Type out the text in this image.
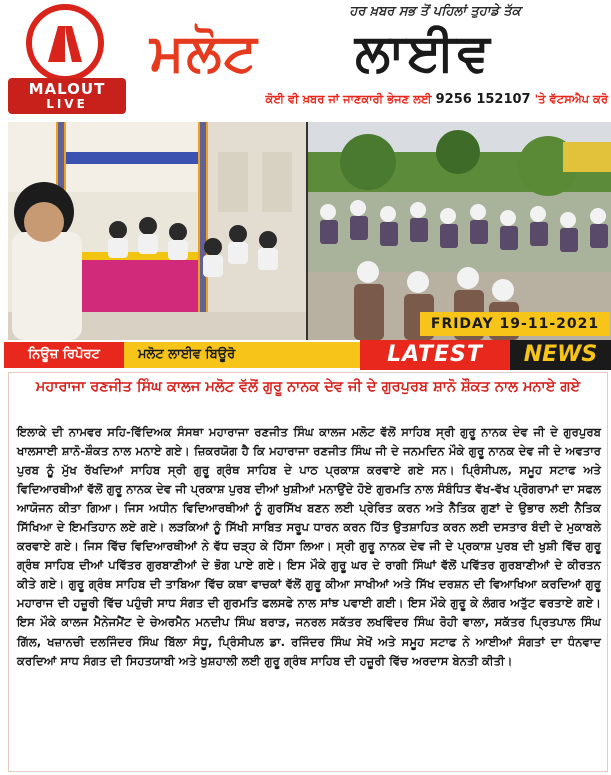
MALOUT
LIVE
ਹਰ ਖ਼ਬਰ ਸਭ ਤੋਂ ਪਹਿਲਾਂ ਤੁਹਾਡੇ ਤੱਕ
ਮਲੋਟ ਲਾਈਵ
ਕੋਈ ਵੀ ਖ਼ਬਰ ਜਾਂ ਜਾਣਕਾਰੀ ਭੇਜਣ ਲਈ 9256 152107 'ਤੇ ਵੱਟਸਐਪ ਕਰੋ
FRIDAY 19-11-2021
ਨਿਊਜ਼ ਰਿਪੋਰਟ	ਮਲੋਟ ਲਾਈਵ ਬਿਊਰੋ	LATEST	NEWS
ਮਹਾਰਾਜਾ ਰਣਜੀਤ ਸਿੰਘ ਕਾਲਜ ਮਲੋਟ ਵੱਲੋਂ ਗੁਰੂ ਨਾਨਕ ਦੇਵ ਜੀ ਦੇ ਗੁਰਪੁਰਬ ਸ਼ਾਨੋ ਸ਼ੌਕਤ ਨਾਲ ਮਨਾਏ ਗਏ
ਇਲਾਕੇ ਦੀ ਨਾਮਵਰ ਸਹਿ-ਵਿੱਦਿਅਕ ਸੰਸਥਾ ਮਹਾਰਾਜਾ ਰਣਜੀਤ ਸਿੰਘ ਕਾਲਜ ਮਲੋਟ ਵੱਲੋਂ ਸਾਹਿਬ ਸ੍ਰੀ ਗੁਰੂ ਨਾਨਕ ਦੇਵ ਜੀ ਦੇ ਗੁਰਪੁਰਬ ਖਾਲਸਾਈ ਸ਼ਾਨੋ-ਸ਼ੌਕਤ ਨਾਲ ਮਨਾਏ ਗਏ। ਜ਼ਿਕਰਯੋਗ ਹੈ ਕਿ ਮਹਾਰਾਜਾ ਰਣਜੀਤ ਸਿੰਘ ਜੀ ਦੇ ਜਨਮਦਿਨ ਮੌਕੇ ਗੁਰੂ ਨਾਨਕ ਦੇਵ ਜੀ ਦੇ ਅਵਤਾਰ ਪੁਰਬ ਨੂੰ ਮੁੱਖ ਰੱਖਦਿਆਂ ਸਾਹਿਬ ਸ੍ਰੀ ਗੁਰੂ ਗ੍ਰੰਥ ਸਾਹਿਬ ਦੇ ਪਾਠ ਪ੍ਰਕਾਸ਼ ਕਰਵਾਏ ਗਏ ਸਨ। ਪ੍ਰਿੰਸੀਪਲ, ਸਮੂਹ ਸਟਾਫ ਅਤੇ ਵਿਦਿਆਰਥੀਆਂ ਵੱਲੋਂ ਗੁਰੂ ਨਾਨਕ ਦੇਵ ਜੀ ਪ੍ਰਕਾਸ਼ ਪੁਰਬ ਦੀਆਂ ਖੁਸ਼ੀਆਂ ਮਨਾਉਂਦੇ ਹੋਏ ਗੁਰਮਤਿ ਨਾਲ ਸੰਬੰਧਿਤ ਵੱਖ-ਵੱਖ ਪ੍ਰੋਗਰਾਮਾਂ ਦਾ ਸਫਲ ਆਯੋਜਨ ਕੀਤਾ ਗਿਆ। ਜਿਸ ਅਧੀਨ ਵਿਦਿਆਰਥੀਆਂ ਨੂੰ ਗੁਰਸਿੱਖ ਬਣਨ ਲਈ ਪ੍ਰੇਰਿਤ ਕਰਨ ਅਤੇ ਨੈਤਿਕ ਗੁਣਾਂ ਦੇ ਉਭਾਰ ਲਈ ਨੈਤਿਕ ਸਿੱਖਿਆ ਦੇ ਇਮਤਿਹਾਨ ਲਏ ਗਏ। ਲੜਕਿਆਂ ਨੂੰ ਸਿੱਖੀ ਸਾਬਿਤ ਸਰੂਪ ਧਾਰਨ ਕਰਨ ਹਿੱਤ ਉਤਸ਼ਾਹਿਤ ਕਰਨ ਲਈ ਦਸਤਾਰ ਬੰਦੀ ਦੇ ਮੁਕਾਬਲੇ ਕਰਵਾਏ ਗਏ। ਜਿਸ ਵਿੱਚ ਵਿਦਿਆਰਥੀਆਂ ਨੇ ਵੱਧ ਚੜ੍ਹ ਕੇ ਹਿੱਸਾ ਲਿਆ। ਸ੍ਰੀ ਗੁਰੂ ਨਾਨਕ ਦੇਵ ਜੀ ਦੇ ਪ੍ਰਕਾਸ਼ ਪੁਰਬ ਦੀ ਖੁਸ਼ੀ ਵਿੱਚ ਗੁਰੂ ਗ੍ਰੰਥ ਸਾਹਿਬ ਦੀਆਂ ਪਵਿੱਤਰ ਗੁਰਬਾਣੀਆਂ ਦੇ ਭੋਗ ਪਾਏ ਗਏ। ਇਸ ਮੌਕੇ ਗੁਰੂ ਘਰ ਦੇ ਰਾਗੀ ਸਿੰਘਾਂ ਵੱਲੋਂ ਪਵਿੱਤਰ ਗੁਰਬਾਣੀਆਂ ਦੇ ਕੀਰਤਨ ਕੀਤੇ ਗਏ। ਗੁਰੂ ਗ੍ਰੰਥ ਸਾਹਿਬ ਦੀ ਤਾਬਿਆ ਵਿੱਚ ਕਥਾ ਵਾਚਕਾਂ ਵੱਲੋਂ ਗੁਰੂ ਕੀਆ ਸਾਖੀਆਂ ਅਤੇ ਸਿੱਖ ਦਰਸ਼ਨ ਦੀ ਵਿਆਖਿਆ ਕਰਦਿਆਂ ਗੁਰੂ ਮਹਾਰਾਜ ਦੀ ਹਜ਼ੂਰੀ ਵਿੱਚ ਪਹੁੰਚੀ ਸਾਧ ਸੰਗਤ ਦੀ ਗੁਰਮਤਿ ਫਲਸਫੇ ਨਾਲ ਸਾਂਝ ਪਵਾਈ ਗਈ। ਇਸ ਮੌਕੇ ਗੁਰੂ ਕੇ ਲੰਗਰ ਅਤੁੱਟ ਵਰਤਾਏ ਗਏ। ਇਸ ਮੌਕੇ ਕਾਲਜ ਮੈਨੇਜਮੈਂਟ ਦੇ ਚੇਅਰਮੈਨ ਮਨਦੀਪ ਸਿੰਘ ਬਰਾੜ, ਜਨਰਲ ਸਕੱਤਰ ਲਖਵਿੰਦਰ ਸਿੰਘ ਰੋਹੀ ਵਾਲਾ, ਸਕੱਤਰ ਪ੍ਰਿਤਪਾਲ ਸਿੰਘ ਗਿੱਲ, ਖਜ਼ਾਨਚੀ ਦਲਜਿੰਦਰ ਸਿੰਘ ਬਿੱਲਾ ਸੰਧੂ, ਪ੍ਰਿੰਸੀਪਲ ਡਾ. ਰਜਿੰਦਰ ਸਿੰਘ ਸੇਖੋਂ ਅਤੇ ਸਮੂਹ ਸਟਾਫ ਨੇ ਆਈਆਂ ਸੰਗਤਾਂ ਦਾ ਧੰਨਵਾਦ ਕਰਦਿਆਂ ਸਾਧ ਸੰਗਤ ਦੀ ਸਿਹਤਯਾਬੀ ਅਤੇ ਖੁਸ਼ਹਾਲੀ ਲਈ ਗੁਰੂ ਗ੍ਰੰਥ ਸਾਹਿਬ ਦੀ ਹਜ਼ੂਰੀ ਵਿੱਚ ਅਰਦਾਸ ਬੇਨਤੀ ਕੀਤੀ।
